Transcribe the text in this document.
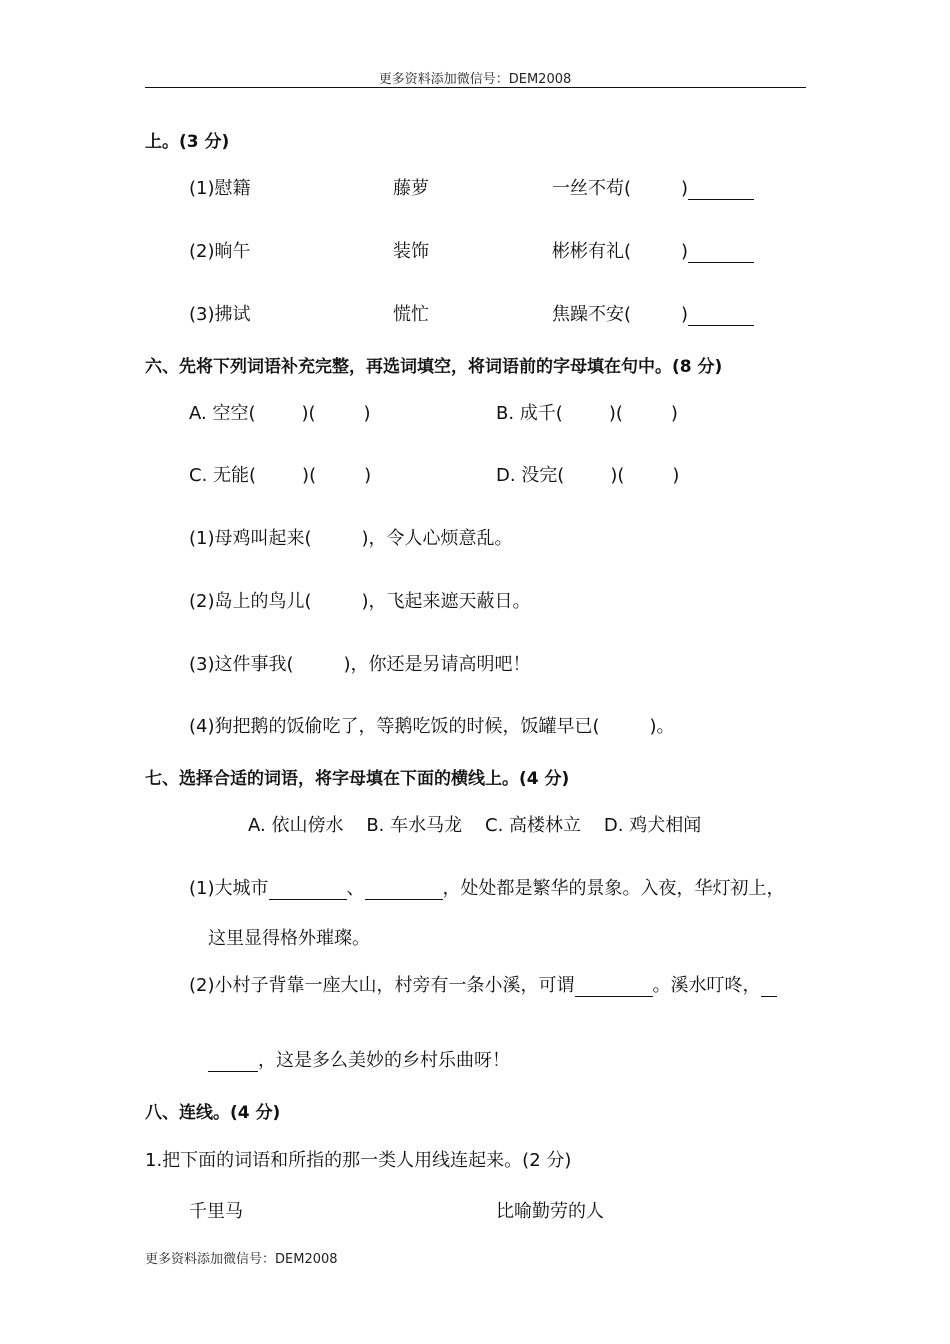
更多资料添加微信号：DEM2008
上。(3 分)
(1)慰籍	藤萝	一丝不苟(	)
(2)晌午	装饰	彬彬有礼(	)
(3)拂试	慌忙	焦躁不安(	)
六、先将下列词语补充完整，再选词填空，将词语前的字母填在句中。(8 分)
A. 空空(	)(	)	B. 成千(	)(	)
C. 无能(	)(	)	D. 没完(	)(	)
(1)母鸡叫起来(	)，令人心烦意乱。
(2)岛上的鸟儿(	)，飞起来遮天蔽日。
(3)这件事我(	)，你还是另请高明吧！
(4)狗把鹅的饭偷吃了，等鹅吃饭的时候，饭罐早已(	)。
七、选择合适的词语，将字母填在下面的横线上。(4 分)
A. 依山傍水    B. 车水马龙    C. 高楼林立    D. 鸡犬相闻
(1)大城市	、	，处处都是繁华的景象。入夜，华灯初上，
这里显得格外璀璨。
(2)小村子背靠一座大山，村旁有一条小溪，可谓	。溪水叮咚，
，这是多么美妙的乡村乐曲呀！
八、连线。(4 分)
1.把下面的词语和所指的那一类人用线连起来。(2 分)
千里马	比喻勤劳的人
更多资料添加微信号：DEM2008
